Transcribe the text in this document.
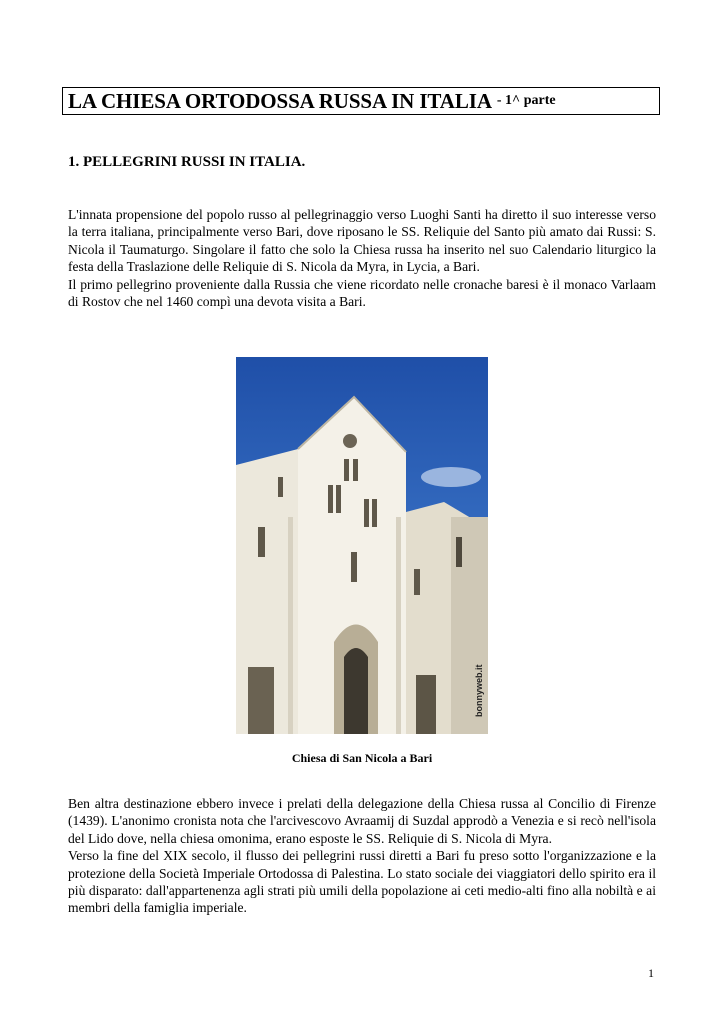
LA CHIESA ORTODOSSA RUSSA IN ITALIA - 1^ parte
1. PELLEGRINI RUSSI IN ITALIA.

L'innata propensione del popolo russo al pellegrinaggio verso Luoghi Santi ha diretto il suo interesse verso la terra italiana, principalmente verso Bari, dove riposano le SS. Reliquie del Santo più amato dai Russi: S. Nicola il Taumaturgo. Singolare il fatto che solo la Chiesa russa ha inserito nel suo Calendario liturgico la festa della Traslazione delle Reliquie di S. Nicola da Myra, in Lycia, a Bari.

Il primo pellegrino proveniente dalla Russia che viene ricordato nelle cronache baresi è il monaco Varlaam di Rostov che nel 1460 compì una devota visita a Bari.

bonnyweb.it
Chiesa di San Nicola a Bari

Ben altra destinazione ebbero invece i prelati della delegazione della Chiesa russa al Concilio di Firenze (1439). L'anonimo cronista nota che l'arcivescovo Avraamij di Suzdal approdò a Venezia e si recò nell'isola del Lido dove, nella chiesa omonima, erano esposte le SS. Reliquie di S. Nicola di Myra.

Verso la fine del XIX secolo, il flusso dei pellegrini russi diretti a Bari fu preso sotto l'organizzazione e la protezione della Società Imperiale Ortodossa di Palestina. Lo stato sociale dei viaggiatori dello spirito era il più disparato: dall'appartenenza agli strati più umili della popolazione ai ceti medio-alti fino alla nobiltà e ai membri della famiglia imperiale.

1
